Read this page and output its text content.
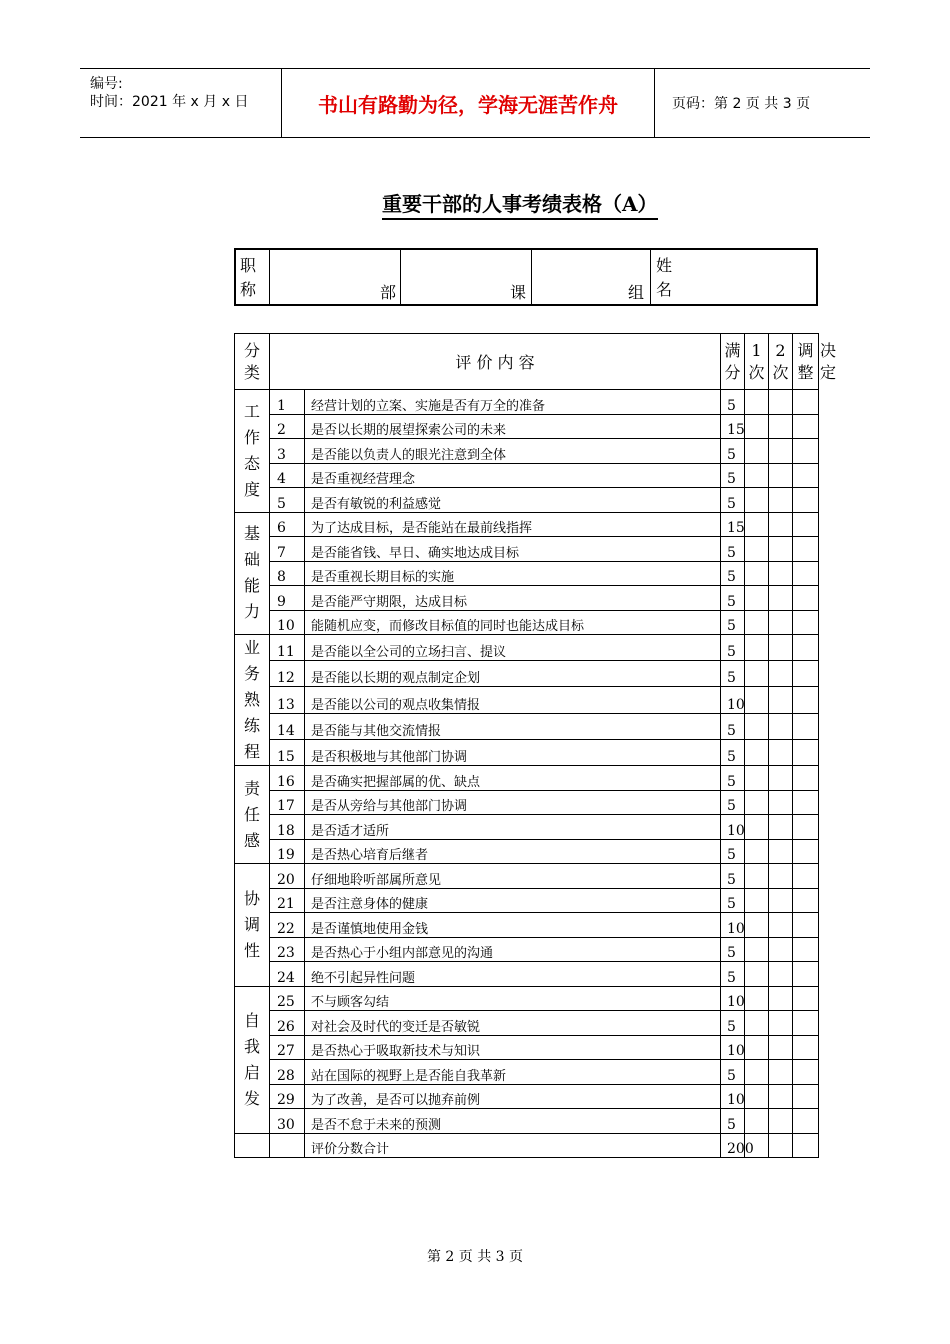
编号:
时间：2021 年 x 月 x 日	书山有路勤为径，学海无涯苦作舟	页码：第 2 页 共 3 页
重要干部的人事考绩表格（A）
职称	部	课	组
姓名
分类	评 价 内 容		满分	1次	2次	调整	决定
工作态度	1	经营计划的立案、实施是否有万全的准备	5				
	2	是否以长期的展望探索公司的未来	15				
	3	是否能以负责人的眼光注意到全体	5				
	4	是否重视经营理念	5				
	5	是否有敏锐的利益感觉	5				
基础能力	6	为了达成目标，是否能站在最前线指挥	15				
	7	是否能省钱、早日、确实地达成目标	5				
	8	是否重视长期目标的实施	5				
	9	是否能严守期限，达成目标	5				
	10	能随机应变，而修改目标值的同时也能达成目标	5				
业务熟练程	11	是否能以全公司的立场扫言、提议	5				
	12	是否能以长期的观点制定企划	5				
	13	是否能以公司的观点收集情报	10				
	14	是否能与其他交流情报	5				
	15	是否积极地与其他部门协调	5				
责任感	16	是否确实把握部属的优、缺点	5				
	17	是否从旁给与其他部门协调	5				
	18	是否适才适所	10				
	19	是否热心培育后继者	5				
协调性	20	仔细地聆听部属所意见	5				
	21	是否注意身体的健康	5				
	22	是否谨慎地使用金钱	10				
	23	是否热心于小组内部意见的沟通	5				
	24	绝不引起异性问题	5				
自我启发	25	不与顾客勾结	10				
	26	对社会及时代的变迁是否敏锐	5				
	27	是否热心于吸取新技术与知识	10				
	28	站在国际的视野上是否能自我革新	5				
	29	为了改善，是否可以抛弃前例	10				
	30	是否不怠于未来的预测	5				
		评价分数合计	200				
第 2 页 共 3 页
